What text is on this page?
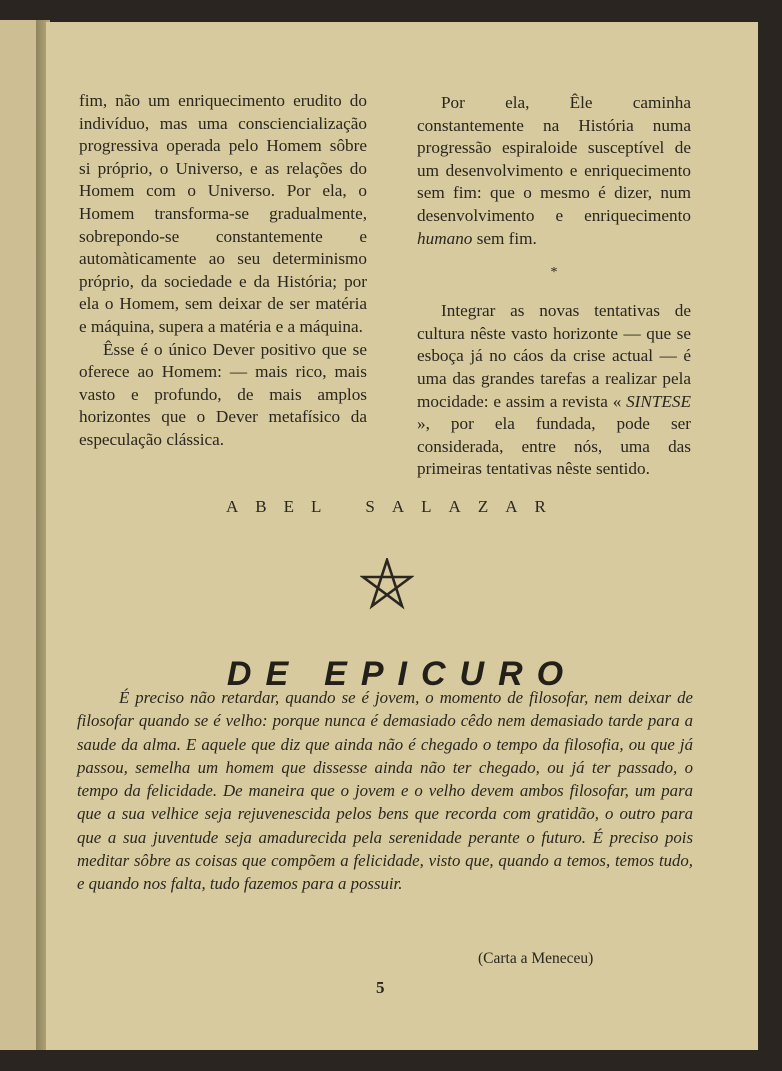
fim, não um enriquecimento erudito do indivíduo, mas uma consciencialização progressiva operada pelo Homem sôbre si próprio, o Universo, e as relações do Homem com o Universo. Por ela, o Homem transforma-se gradualmente, sobrepondo-se constantemente e automàticamente ao seu determinismo próprio, da sociedade e da História; por ela o Homem, sem deixar de ser matéria e máquina, supera a matéria e a máquina.

Êsse é o único Dever positivo que se oferece ao Homem: — mais rico, mais vasto e profundo, de mais amplos horizontes que o Dever metafísico da especulação clássica.

Por ela, Êle caminha constantemente na História numa progressão espiraloide susceptível de um desenvolvimento e enriquecimento sem fim: que o mesmo é dizer, num desenvolvimento e enriquecimento humano sem fim.

*

Integrar as novas tentativas de cultura nêste vasto horizonte — que se esboça já no cáos da crise actual — é uma das grandes tarefas a realizar pela mocidade: e assim a revista « SINTESE », por ela fundada, pode ser considerada, entre nós, uma das primeiras tentativas nêste sentido.

A B E L	S A L A Z A R
DE EPICURO

É preciso não retardar, quando se é jovem, o momento de filosofar, nem deixar de filosofar quando se é velho: porque nunca é demasiado cêdo nem demasiado tarde para a saude da alma. E aquele que diz que ainda não é chegado o tempo da filosofia, ou que já passou, semelha um homem que dissesse ainda não ter chegado, ou já ter passado, o tempo da felicidade. De maneira que o jovem e o velho devem ambos filosofar, um para que a sua velhice seja rejuvenescida pelos bens que recorda com gratidão, o outro para que a sua juventude seja amadurecida pela serenidade perante o futuro. É preciso pois meditar sôbre as coisas que compõem a felicidade, visto que, quando a temos, temos tudo, e quando nos falta, tudo fazemos para a possuir.

(Carta a Meneceu)
5
